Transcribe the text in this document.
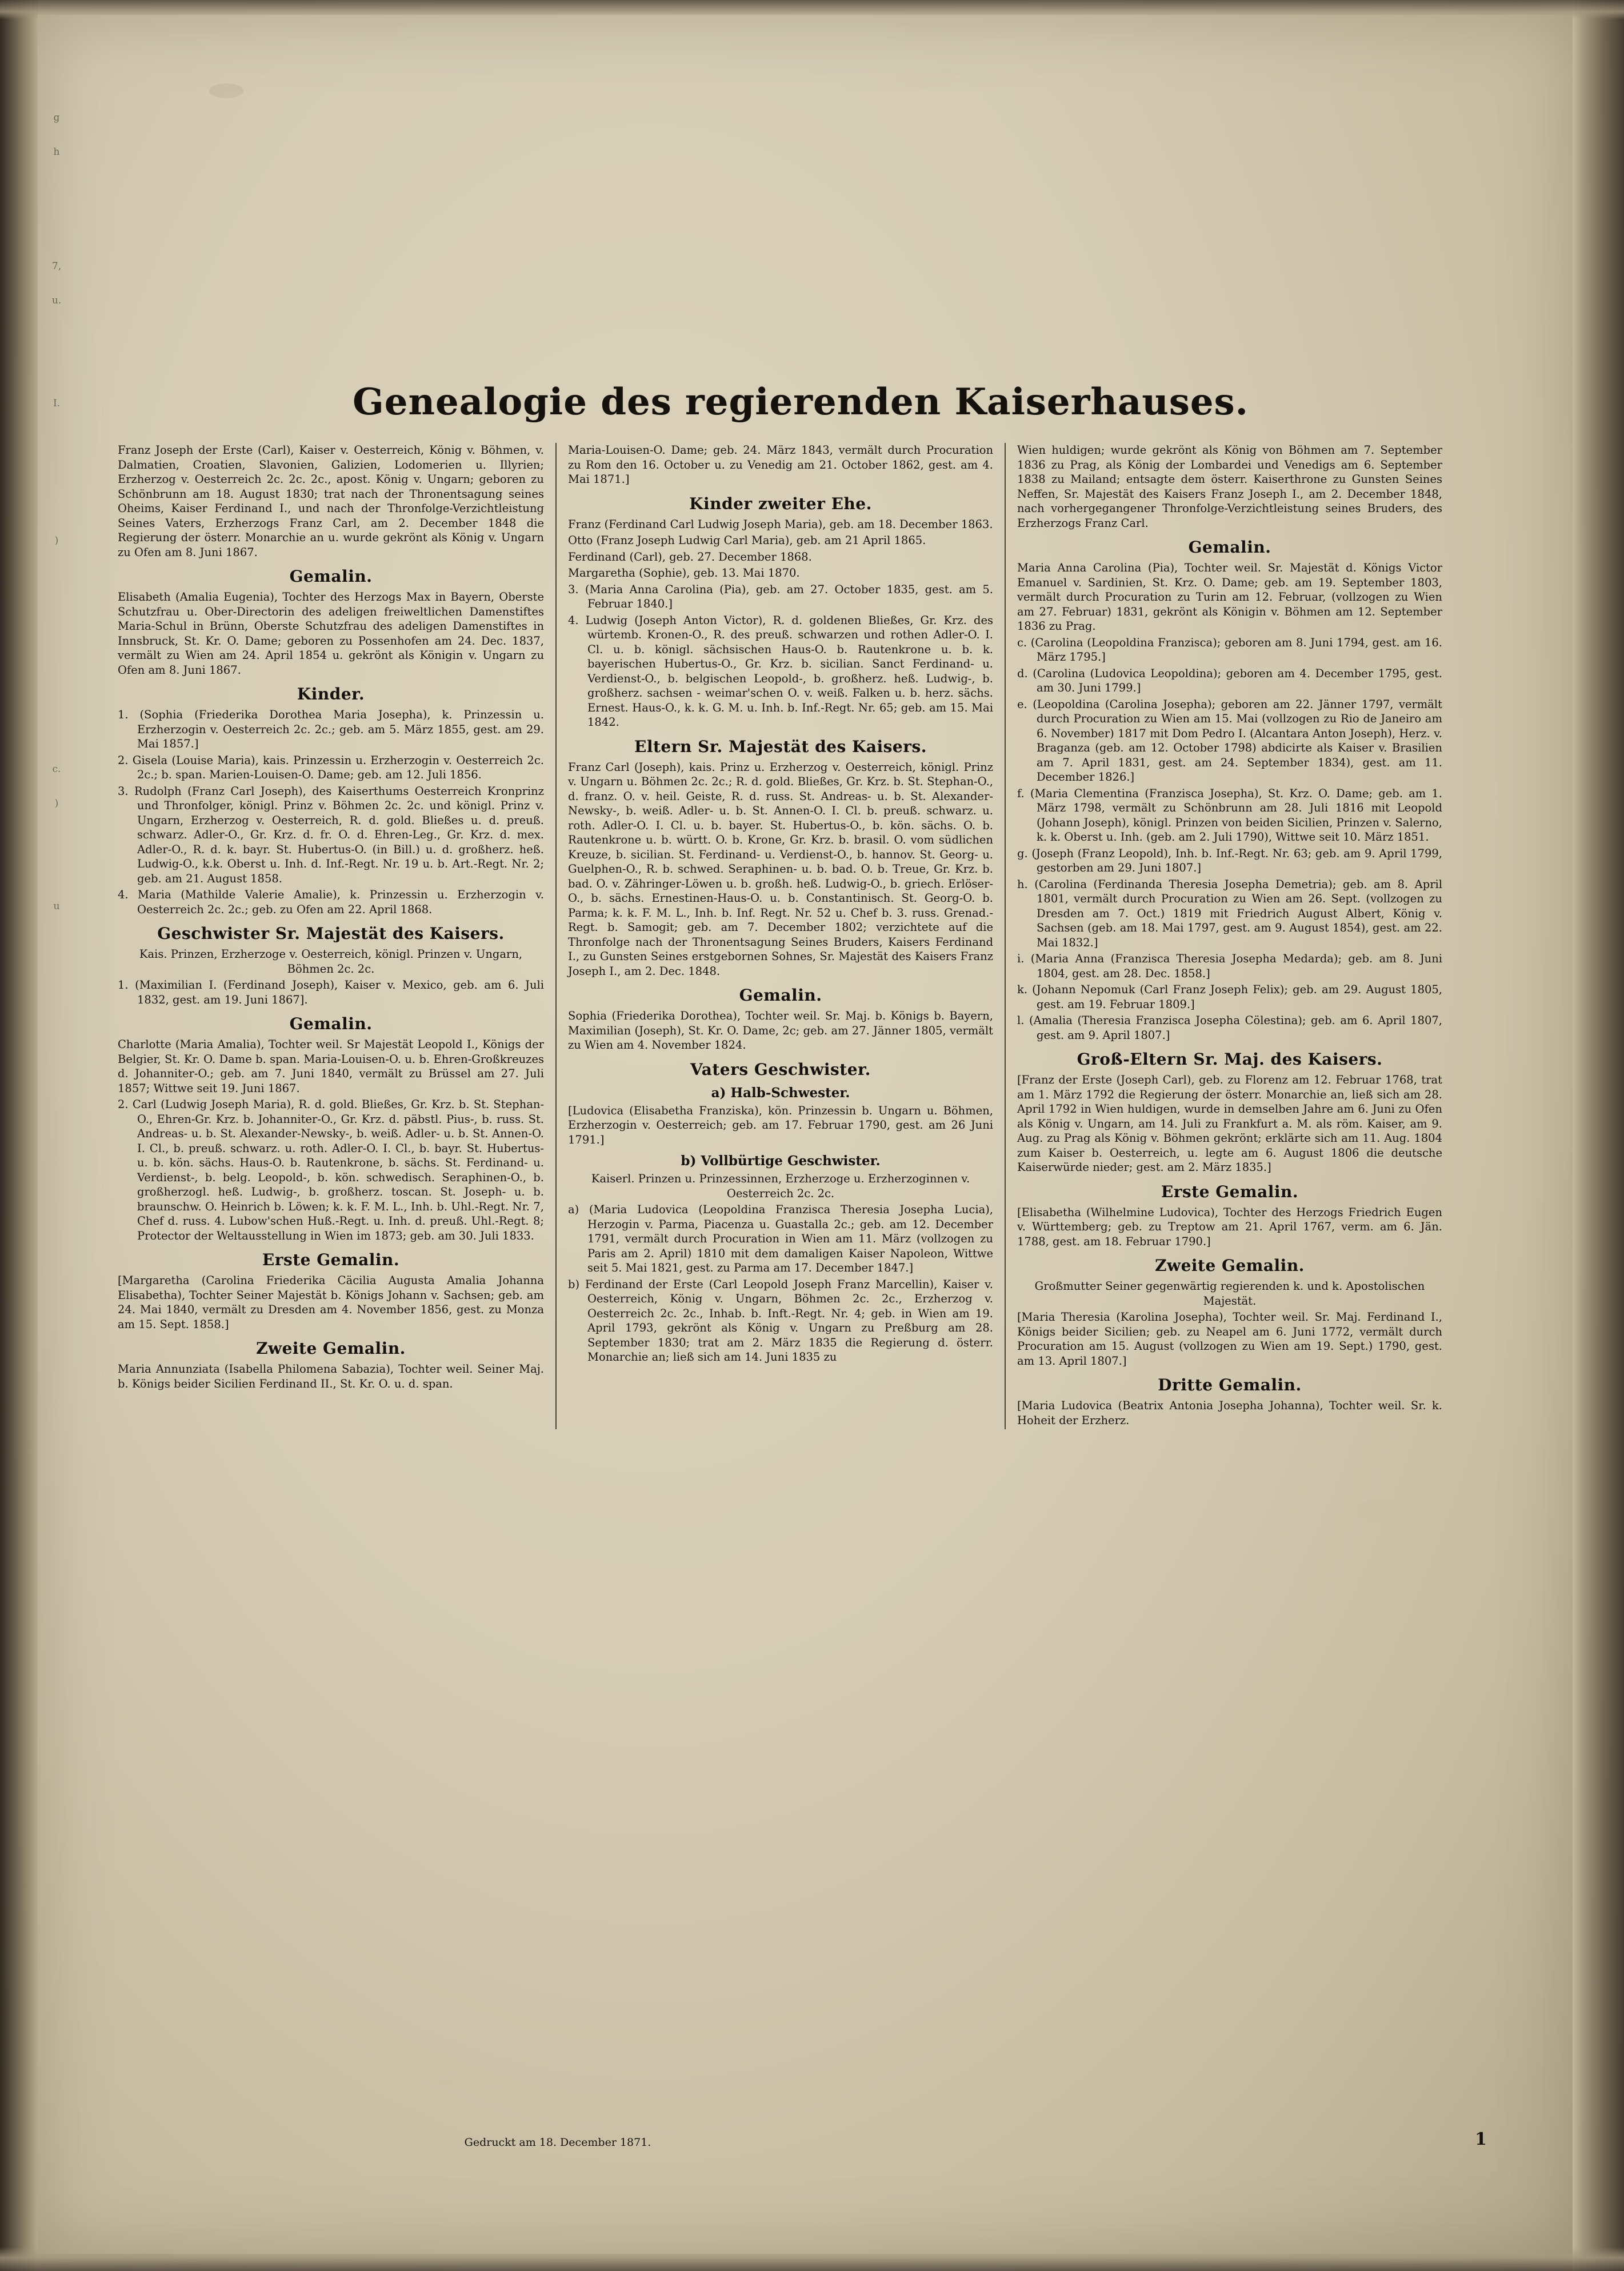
g
h
7,
u.
I.
)
c.
)
u
Genealogie des regierenden Kaiserhauses.

Franz Joseph der Erste (Carl), Kaiser v. Oesterreich, König v. Böhmen, v. Dalmatien, Croatien, Slavonien, Galizien, Lodomerien u. Illyrien; Erzherzog v. Oesterreich 2c. 2c. 2c., apost. König v. Ungarn; geboren zu Schönbrunn am 18. August 1830; trat nach der Thronentsagung seines Oheims, Kaiser Ferdinand I., und nach der Thronfolge-Verzichtleistung Seines Vaters, Erzherzogs Franz Carl, am 2. December 1848 die Regierung der österr. Monarchie an u. wurde gekrönt als König v. Ungarn zu Ofen am 8. Juni 1867.

Gemalin.

Elisabeth (Amalia Eugenia), Tochter des Herzogs Max in Bayern, Oberste Schutzfrau u. Ober-Directorin des adeligen freiweltlichen Damenstiftes Maria-Schul in Brünn, Oberste Schutzfrau des adeligen Damenstiftes in Innsbruck, St. Kr. O. Dame; geboren zu Possenhofen am 24. Dec. 1837, vermält zu Wien am 24. April 1854 u. gekrönt als Königin v. Ungarn zu Ofen am 8. Juni 1867.

Kinder.

1. (Sophia (Friederika Dorothea Maria Josepha), k. Prinzessin u. Erzherzogin v. Oesterreich 2c. 2c.; geb. am 5. März 1855, gest. am 29. Mai 1857.]

2. Gisela (Louise Maria), kais. Prinzessin u. Erzherzogin v. Oesterreich 2c. 2c.; b. span. Marien-Louisen-O. Dame; geb. am 12. Juli 1856.

3. Rudolph (Franz Carl Joseph), des Kaiserthums Oesterreich Kronprinz und Thronfolger, königl. Prinz v. Böhmen 2c. 2c. und königl. Prinz v. Ungarn, Erzherzog v. Oesterreich, R. d. gold. Bließes u. d. preuß. schwarz. Adler-O., Gr. Krz. d. fr. O. d. Ehren-Leg., Gr. Krz. d. mex. Adler-O., R. d. k. bayr. St. Hubertus-O. (in Bill.) u. d. großherz. heß. Ludwig-O., k.k. Oberst u. Inh. d. Inf.-Regt. Nr. 19 u. b. Art.-Regt. Nr. 2; geb. am 21. August 1858.

4. Maria (Mathilde Valerie Amalie), k. Prinzessin u. Erzherzogin v. Oesterreich 2c. 2c.; geb. zu Ofen am 22. April 1868.

Geschwister Sr. Majestät des Kaisers.

Kais. Prinzen, Erzherzoge v. Oesterreich, königl. Prinzen v. Ungarn, Böhmen 2c. 2c.

1. (Maximilian I. (Ferdinand Joseph), Kaiser v. Mexico, geb. am 6. Juli 1832, gest. am 19. Juni 1867].

Gemalin.

Charlotte (Maria Amalia), Tochter weil. Sr Majestät Leopold I., Königs der Belgier, St. Kr. O. Dame b. span. Maria-Louisen-O. u. b. Ehren-Großkreuzes d. Johanniter-O.; geb. am 7. Juni 1840, vermält zu Brüssel am 27. Juli 1857; Wittwe seit 19. Juni 1867.

2. Carl (Ludwig Joseph Maria), R. d. gold. Bließes, Gr. Krz. b. St. Stephan-O., Ehren-Gr. Krz. b. Johanniter-O., Gr. Krz. d. päbstl. Pius-, b. russ. St. Andreas- u. b. St. Alexander-Newsky-, b. weiß. Adler- u. b. St. Annen-O. I. Cl., b. preuß. schwarz. u. roth. Adler-O. I. Cl., b. bayr. St. Hubertus- u. b. kön. sächs. Haus-O. b. Rautenkrone, b. sächs. St. Ferdinand- u. Verdienst-, b. belg. Leopold-, b. kön. schwedisch. Seraphinen-O., b. großherzogl. heß. Ludwig-, b. großherz. toscan. St. Joseph- u. b. braunschw. O. Heinrich b. Löwen; k. k. F. M. L., Inh. b. Uhl.-Regt. Nr. 7, Chef d. russ. 4. Lubow'schen Huß.-Regt. u. Inh. d. preuß. Uhl.-Regt. 8; Protector der Weltausstellung in Wien im 1873; geb. am 30. Juli 1833.

Erste Gemalin.

[Margaretha (Carolina Friederika Cäcilia Augusta Amalia Johanna Elisabetha), Tochter Seiner Majestät b. Königs Johann v. Sachsen; geb. am 24. Mai 1840, vermält zu Dresden am 4. November 1856, gest. zu Monza am 15. Sept. 1858.]

Zweite Gemalin.

Maria Annunziata (Isabella Philomena Sabazia), Tochter weil. Seiner Maj. b. Königs beider Sicilien Ferdinand II., St. Kr. O. u. d. span.

Maria-Louisen-O. Dame; geb. 24. März 1843, vermält durch Procuration zu Rom den 16. October u. zu Venedig am 21. October 1862, gest. am 4. Mai 1871.]

Kinder zweiter Ehe.

Franz (Ferdinand Carl Ludwig Joseph Maria), geb. am 18. December 1863.

Otto (Franz Joseph Ludwig Carl Maria), geb. am 21 April 1865.

Ferdinand (Carl), geb. 27. December 1868.

Margaretha (Sophie), geb. 13. Mai 1870.

3. (Maria Anna Carolina (Pia), geb. am 27. October 1835, gest. am 5. Februar 1840.]

4. Ludwig (Joseph Anton Victor), R. d. goldenen Bließes, Gr. Krz. des würtemb. Kronen-O., R. des preuß. schwarzen und rothen Adler-O. I. Cl. u. b. königl. sächsischen Haus-O. b. Rautenkrone u. b. k. bayerischen Hubertus-O., Gr. Krz. b. sicilian. Sanct Ferdinand- u. Verdienst-O., b. belgischen Leopold-, b. großherz. heß. Ludwig-, b. großherz. sachsen - weimar'schen O. v. weiß. Falken u. b. herz. sächs. Ernest. Haus-O., k. k. G. M. u. Inh. b. Inf.-Regt. Nr. 65; geb. am 15. Mai 1842.

Eltern Sr. Majestät des Kaisers.

Franz Carl (Joseph), kais. Prinz u. Erzherzog v. Oesterreich, königl. Prinz v. Ungarn u. Böhmen 2c. 2c.; R. d. gold. Bließes, Gr. Krz. b. St. Stephan-O., d. franz. O. v. heil. Geiste, R. d. russ. St. Andreas- u. b. St. Alexander-Newsky-, b. weiß. Adler- u. b. St. Annen-O. I. Cl. b. preuß. schwarz. u. roth. Adler-O. I. Cl. u. b. bayer. St. Hubertus-O., b. kön. sächs. O. b. Rautenkrone u. b. württ. O. b. Krone, Gr. Krz. b. brasil. O. vom südlichen Kreuze, b. sicilian. St. Ferdinand- u. Verdienst-O., b. hannov. St. Georg- u. Guelphen-O., R. b. schwed. Seraphinen- u. b. bad. O. b. Treue, Gr. Krz. b. bad. O. v. Zähringer-Löwen u. b. großh. heß. Ludwig-O., b. griech. Erlöser-O., b. sächs. Ernestinen-Haus-O. u. b. Constantinisch. St. Georg-O. b. Parma; k. k. F. M. L., Inh. b. Inf. Regt. Nr. 52 u. Chef b. 3. russ. Grenad.-Regt. b. Samogit; geb. am 7. December 1802; verzichtete auf die Thronfolge nach der Thronentsagung Seines Bruders, Kaisers Ferdinand I., zu Gunsten Seines erstgebornen Sohnes, Sr. Majestät des Kaisers Franz Joseph I., am 2. Dec. 1848.

Gemalin.

Sophia (Friederika Dorothea), Tochter weil. Sr. Maj. b. Königs b. Bayern, Maximilian (Joseph), St. Kr. O. Dame, 2c; geb. am 27. Jänner 1805, vermält zu Wien am 4. November 1824.

Vaters Geschwister.
a) Halb-Schwester.

[Ludovica (Elisabetha Franziska), kön. Prinzessin b. Ungarn u. Böhmen, Erzherzogin v. Oesterreich; geb. am 17. Februar 1790, gest. am 26 Juni 1791.]

b) Vollbürtige Geschwister.

Kaiserl. Prinzen u. Prinzessinnen, Erzherzoge u. Erzherzoginnen v. Oesterreich 2c. 2c.

a) (Maria Ludovica (Leopoldina Franzisca Theresia Josepha Lucia), Herzogin v. Parma, Piacenza u. Guastalla 2c.; geb. am 12. December 1791, vermält durch Procuration in Wien am 11. März (vollzogen zu Paris am 2. April) 1810 mit dem damaligen Kaiser Napoleon, Wittwe seit 5. Mai 1821, gest. zu Parma am 17. December 1847.]

b) Ferdinand der Erste (Carl Leopold Joseph Franz Marcellin), Kaiser v. Oesterreich, König v. Ungarn, Böhmen 2c. 2c., Erzherzog v. Oesterreich 2c. 2c., Inhab. b. Inft.-Regt. Nr. 4; geb. in Wien am 19. April 1793, gekrönt als König v. Ungarn zu Preßburg am 28. September 1830; trat am 2. März 1835 die Regierung d. österr. Monarchie an; ließ sich am 14. Juni 1835 zu

Wien huldigen; wurde gekrönt als König von Böhmen am 7. September 1836 zu Prag, als König der Lombardei und Venedigs am 6. September 1838 zu Mailand; entsagte dem österr. Kaiserthrone zu Gunsten Seines Neffen, Sr. Majestät des Kaisers Franz Joseph I., am 2. December 1848, nach vorhergegangener Thronfolge-Verzichtleistung seines Bruders, des Erzherzogs Franz Carl.

Gemalin.

Maria Anna Carolina (Pia), Tochter weil. Sr. Majestät d. Königs Victor Emanuel v. Sardinien, St. Krz. O. Dame; geb. am 19. September 1803, vermält durch Procuration zu Turin am 12. Februar, (vollzogen zu Wien am 27. Februar) 1831, gekrönt als Königin v. Böhmen am 12. September 1836 zu Prag.

c. (Carolina (Leopoldina Franzisca); geboren am 8. Juni 1794, gest. am 16. März 1795.]

d. (Carolina (Ludovica Leopoldina); geboren am 4. December 1795, gest. am 30. Juni 1799.]

e. (Leopoldina (Carolina Josepha); geboren am 22. Jänner 1797, vermält durch Procuration zu Wien am 15. Mai (vollzogen zu Rio de Janeiro am 6. November) 1817 mit Dom Pedro I. (Alcantara Anton Joseph), Herz. v. Braganza (geb. am 12. October 1798) abdicirte als Kaiser v. Brasilien am 7. April 1831, gest. am 24. September 1834), gest. am 11. December 1826.]

f. (Maria Clementina (Franzisca Josepha), St. Krz. O. Dame; geb. am 1. März 1798, vermält zu Schönbrunn am 28. Juli 1816 mit Leopold (Johann Joseph), königl. Prinzen von beiden Sicilien, Prinzen v. Salerno, k. k. Oberst u. Inh. (geb. am 2. Juli 1790), Wittwe seit 10. März 1851.

g. (Joseph (Franz Leopold), Inh. b. Inf.-Regt. Nr. 63; geb. am 9. April 1799, gestorben am 29. Juni 1807.]

h. (Carolina (Ferdinanda Theresia Josepha Demetria); geb. am 8. April 1801, vermält durch Procuration zu Wien am 26. Sept. (vollzogen zu Dresden am 7. Oct.) 1819 mit Friedrich August Albert, König v. Sachsen (geb. am 18. Mai 1797, gest. am 9. August 1854), gest. am 22. Mai 1832.]

i. (Maria Anna (Franzisca Theresia Josepha Medarda); geb. am 8. Juni 1804, gest. am 28. Dec. 1858.]

k. (Johann Nepomuk (Carl Franz Joseph Felix); geb. am 29. August 1805, gest. am 19. Februar 1809.]

l. (Amalia (Theresia Franzisca Josepha Cölestina); geb. am 6. April 1807, gest. am 9. April 1807.]

Groß-Eltern Sr. Maj. des Kaisers.

[Franz der Erste (Joseph Carl), geb. zu Florenz am 12. Februar 1768, trat am 1. März 1792 die Regierung der österr. Monarchie an, ließ sich am 28. April 1792 in Wien huldigen, wurde in demselben Jahre am 6. Juni zu Ofen als König v. Ungarn, am 14. Juli zu Frankfurt a. M. als röm. Kaiser, am 9. Aug. zu Prag als König v. Böhmen gekrönt; erklärte sich am 11. Aug. 1804 zum Kaiser b. Oesterreich, u. legte am 6. August 1806 die deutsche Kaiserwürde nieder; gest. am 2. März 1835.]

Erste Gemalin.

[Elisabetha (Wilhelmine Ludovica), Tochter des Herzogs Friedrich Eugen v. Württemberg; geb. zu Treptow am 21. April 1767, verm. am 6. Jän. 1788, gest. am 18. Februar 1790.]

Zweite Gemalin.

Großmutter Seiner gegenwärtig regierenden k. und k. Apostolischen Majestät.

[Maria Theresia (Karolina Josepha), Tochter weil. Sr. Maj. Ferdinand I., Königs beider Sicilien; geb. zu Neapel am 6. Juni 1772, vermält durch Procuration am 15. August (vollzogen zu Wien am 19. Sept.) 1790, gest. am 13. April 1807.]

Dritte Gemalin.

[Maria Ludovica (Beatrix Antonia Josepha Johanna), Tochter weil. Sr. k. Hoheit der Erzherz.

Gedruckt am 18. December 1871.	1
